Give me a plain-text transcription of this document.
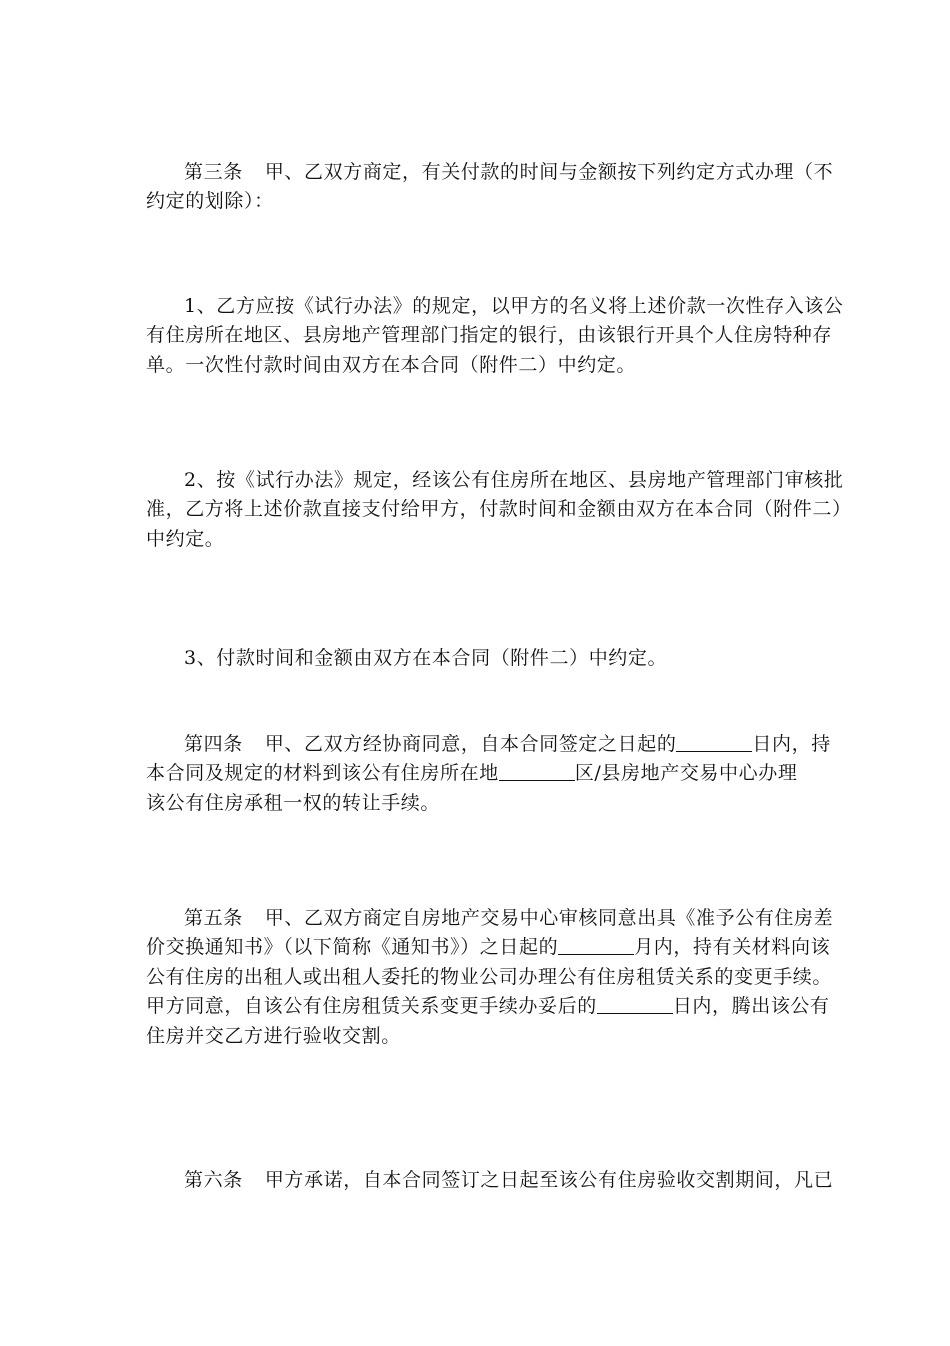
第三条 甲、乙双方商定，有关付款的时间与金额按下列约定方式办理（不
约定的划除）：
1、乙方应按《试行办法》的规定，以甲方的名义将上述价款一次性存入该公
有住房所在地区、县房地产管理部门指定的银行，由该银行开具个人住房特种存
单。一次性付款时间由双方在本合同（附件二）中约定。
2、按《试行办法》规定，经该公有住房所在地区、县房地产管理部门审核批
准，乙方将上述价款直接支付给甲方，付款时间和金额由双方在本合同（附件二）
中约定。
3、付款时间和金额由双方在本合同（附件二）中约定。
第四条 甲、乙双方经协商同意，自本合同签定之日起的	日内，持
本合同及规定的材料到该公有住房所在地	区/县房地产交易中心办理
该公有住房承租一权的转让手续。
第五条 甲、乙双方商定自房地产交易中心审核同意出具《准予公有住房差
价交换通知书》（以下简称《通知书》）之日起的	月内，持有关材料向该
公有住房的出租人或出租人委托的物业公司办理公有住房租赁关系的变更手续。
甲方同意，自该公有住房租赁关系变更手续办妥后的	日内，腾出该公有
住房并交乙方进行验收交割。
第六条 甲方承诺，自本合同签订之日起至该公有住房验收交割期间，凡已
